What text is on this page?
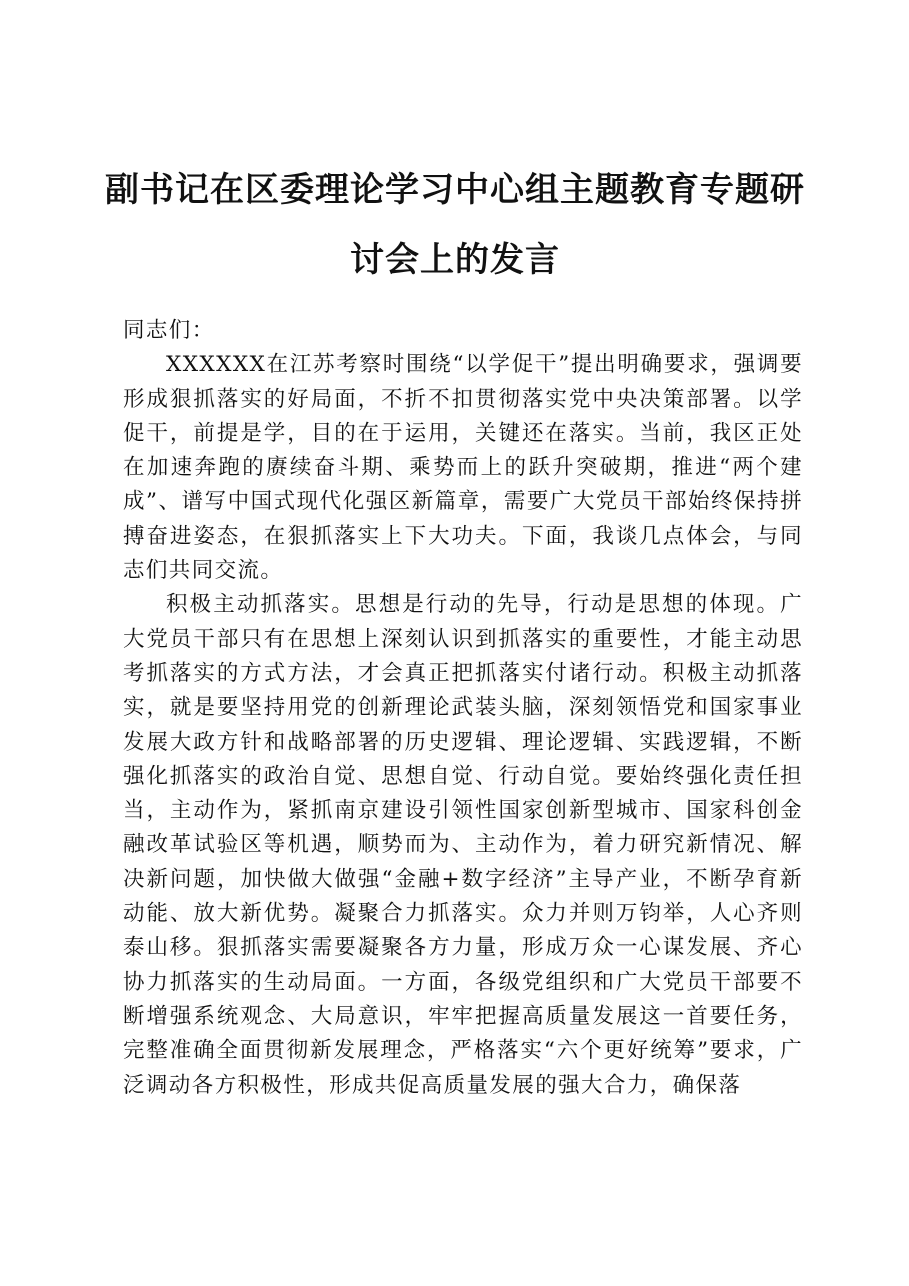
副书记在区委理论学习中心组主题教育专题研讨会上的发言

同志们：

XXXXXX在江苏考察时围绕“以学促干”提出明确要求，强调要形成狠抓落实的好局面，不折不扣贯彻落实党中央决策部署。以学促干，前提是学，目的在于运用，关键还在落实。当前，我区正处在加速奔跑的赓续奋斗期、乘势而上的跃升突破期，推进“两个建成”、谱写中国式现代化强区新篇章，需要广大党员干部始终保持拼搏奋进姿态，在狠抓落实上下大功夫。下面，我谈几点体会，与同志们共同交流。

积极主动抓落实。思想是行动的先导，行动是思想的体现。广大党员干部只有在思想上深刻认识到抓落实的重要性，才能主动思考抓落实的方式方法，才会真正把抓落实付诸行动。积极主动抓落实，就是要坚持用党的创新理论武装头脑，深刻领悟党和国家事业发展大政方针和战略部署的历史逻辑、理论逻辑、实践逻辑，不断强化抓落实的政治自觉、思想自觉、行动自觉。要始终强化责任担当，主动作为，紧抓南京建设引领性国家创新型城市、国家科创金融改革试验区等机遇，顺势而为、主动作为，着力研究新情况、解决新问题，加快做大做强“金融+数字经济”主导产业，不断孕育新动能、放大新优势。凝聚合力抓落实。众力并则万钧举，人心齐则泰山移。狠抓落实需要凝聚各方力量，形成万众一心谋发展、齐心协力抓落实的生动局面。一方面，各级党组织和广大党员干部要不断增强系统观念、大局意识，牢牢把握高质量发展这一首要任务，完整准确全面贯彻新发展理念，严格落实“六个更好统筹”要求，广泛调动各方积极性，形成共促高质量发展的强大合力，确保落
